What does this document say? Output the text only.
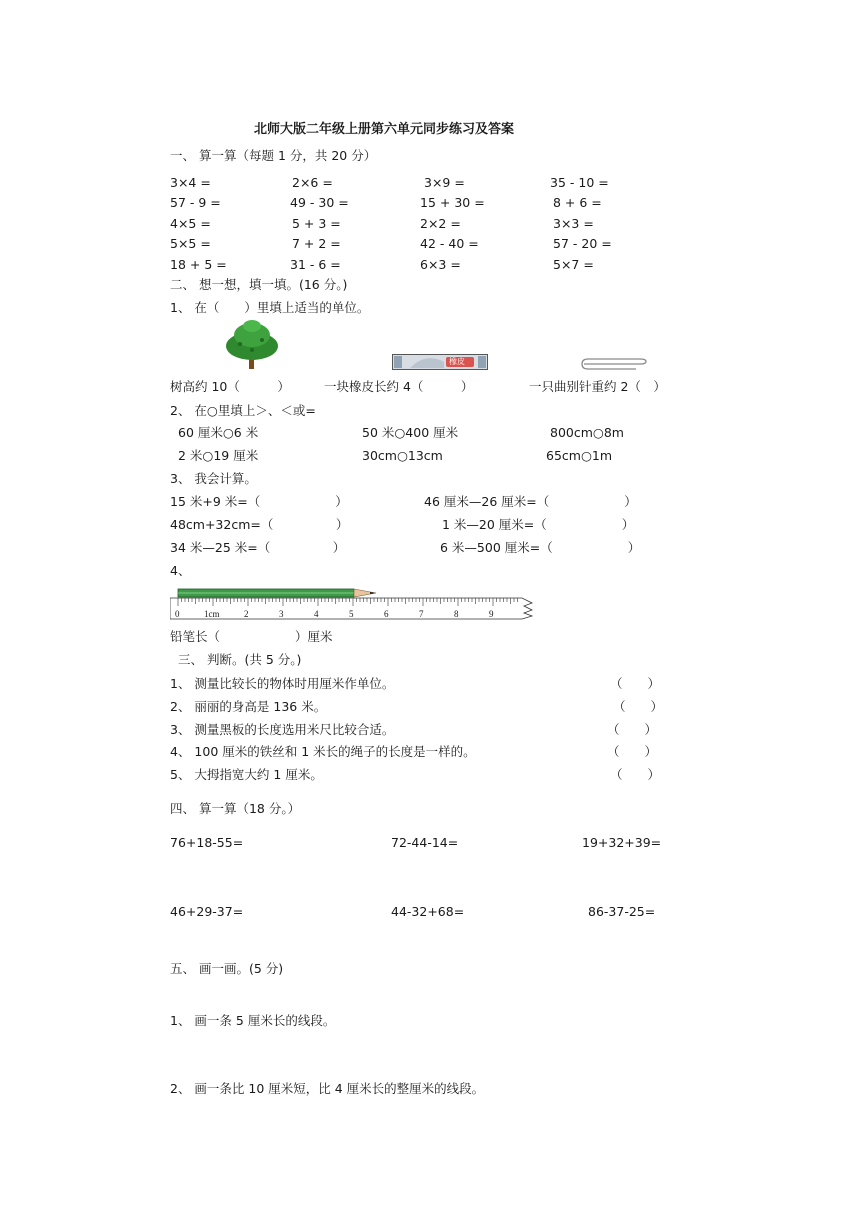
北师大版二年级上册第六单元同步练习及答案
一、 算一算（每题 1 分，共 20 分）
3×4 =	2×6 =	3×9 =	35 - 10 =
57 - 9 =	49 - 30 =	15 + 30 =	8 + 6 =
4×5 =	5 + 3 =	2×2 =	3×3 =
5×5 =	7 + 2 =	42 - 40 =	57 - 20 =
18 + 5 =	31 - 6 =	6×3 =	5×7 =
二、 想一想，填一填。(16 分。)
1、 在（　　）里填上适当的单位。
橡皮
树高约 10（　　　）	一块橡皮长约 4（　　　）	一只曲别针重约 2（　）
2、 在○里填上＞、＜或=
60 厘米○6 米	50 米○400 厘米	800cm○8m
2 米○19 厘米	30cm○13cm	65cm○1m
3、 我会计算。
15 米+9 米=（　　　　　　）	46 厘米—26 厘米=（　　　　　　）
48cm+32cm=（　　　　　）	1 米—20 厘米=（　　　　　　）
34 米—25 米=（　　　　　）	6 米—500 厘米=（　　　　　　）
4、
0	1cm	2	3	4	5	6	7	8	9
铅笔长（　　　　　　）厘米
三、 判断。(共 5 分。)
1、 测量比较长的物体时用厘米作单位。	（　　）
2、 丽丽的身高是 136 米。	（　　）
3、 测量黑板的长度选用米尺比较合适。	（　　）
4、 100 厘米的铁丝和 1 米长的绳子的长度是一样的。	（　　）
5、 大拇指宽大约 1 厘米。	（　　）
四、 算一算（18 分。）
76+18-55=	72-44-14=	19+32+39=
46+29-37=	44-32+68=	86-37-25=
五、 画一画。(5 分)
1、 画一条 5 厘米长的线段。
2、 画一条比 10 厘米短，比 4 厘米长的整厘米的线段。
